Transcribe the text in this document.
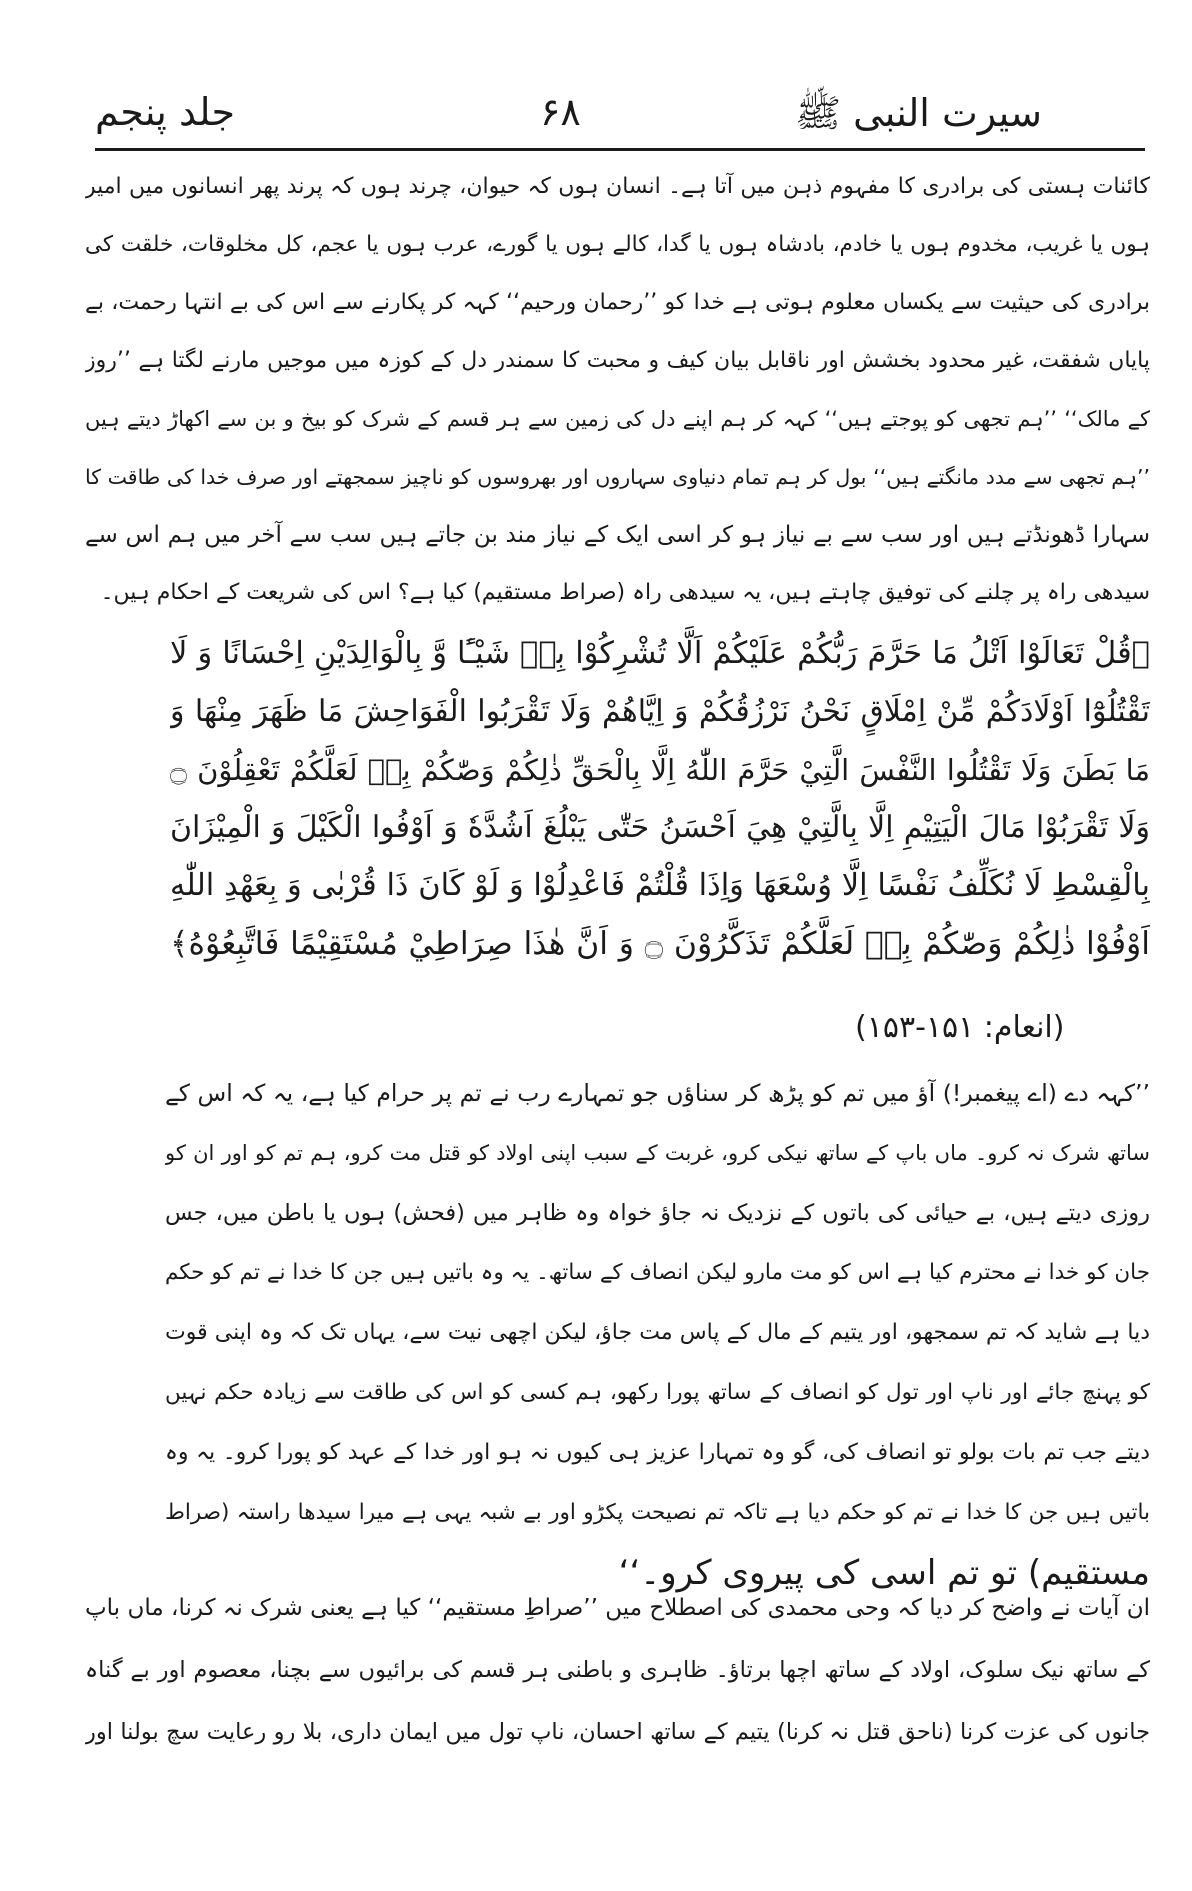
سیرت النبی ﷺ
۶۸
جلد پنجم
کائنات ہستی کی برادری کا مفہوم ذہن میں آتا ہے۔ انسان ہوں کہ حیوان، چرند ہوں کہ پرند پھر انسانوں میں امیر
ہوں یا غریب، مخدوم ہوں یا خادم، بادشاہ ہوں یا گدا، کالے ہوں یا گورے، عرب ہوں یا عجم، کل مخلوقات، خلقت کی
برادری کی حیثیت سے یکساں معلوم ہوتی ہے خدا کو ’’رحمان ورحیم‘‘ کہہ کر پکارنے سے اس کی بے انتہا رحمت، بے
پایاں شفقت، غیر محدود بخشش اور ناقابل بیان کیف و محبت کا سمندر دل کے کوزہ میں موجیں مارنے لگتا ہے ’’روز
کے مالک‘‘ ’’ہم تجھی کو پوجتے ہیں‘‘ کہہ کر ہم اپنے دل کی زمین سے ہر قسم کے شرک کو بیخ و بن سے اکھاڑ دیتے ہیں
’’ہم تجھی سے مدد مانگتے ہیں‘‘ بول کر ہم تمام دنیاوی سہاروں اور بھروسوں کو ناچیز سمجھتے اور صرف خدا کی طاقت کا
سہارا ڈھونڈتے ہیں اور سب سے بے نیاز ہو کر اسی ایک کے نیاز مند بن جاتے ہیں سب سے آخر میں ہم اس سے
سیدھی راہ پر چلنے کی توفیق چاہتے ہیں، یہ سیدھی راہ (صراط مستقیم) کیا ہے؟ اس کی شریعت کے احکام ہیں۔
﴿قُلْ تَعَالَوْا اَتْلُ مَا حَرَّمَ رَبُّكُمْ عَلَيْكُمْ اَلَّا تُشْرِكُوْا بِهٖ شَيْـًٔا وَّ بِالْوَالِدَيْنِ اِحْسَانًا وَ لَا
تَقْتُلُوْٓا اَوْلَادَكُمْ مِّنْ اِمْلَاقٍ نَحْنُ نَرْزُقُكُمْ وَ اِيَّاهُمْ وَلَا تَقْرَبُوا الْفَوَاحِشَ مَا ظَهَرَ مِنْهَا وَ
مَا بَطَنَ وَلَا تَقْتُلُوا النَّفْسَ الَّتِيْ حَرَّمَ اللّٰهُ اِلَّا بِالْحَقِّ ذٰلِكُمْ وَصّٰكُمْ بِهٖ لَعَلَّكُمْ تَعْقِلُوْنَ ۝
وَلَا تَقْرَبُوْا مَالَ الْيَتِيْمِ اِلَّا بِالَّتِيْ هِيَ اَحْسَنُ حَتّٰى يَبْلُغَ اَشُدَّهٗ وَ اَوْفُوا الْكَيْلَ وَ الْمِيْزَانَ
بِالْقِسْطِ لَا نُكَلِّفُ نَفْسًا اِلَّا وُسْعَهَا وَاِذَا قُلْتُمْ فَاعْدِلُوْا وَ لَوْ كَانَ ذَا قُرْبٰى وَ بِعَهْدِ اللّٰهِ
اَوْفُوْا ذٰلِكُمْ وَصّٰكُمْ بِهٖ لَعَلَّكُمْ تَذَكَّرُوْنَ ۝ وَ اَنَّ هٰذَا صِرَاطِيْ مُسْتَقِيْمًا فَاتَّبِعُوْهُ﴾
(انعام: ۱۵۱-۱۵۳)
’’کہہ دے (اے پیغمبر!) آؤ میں تم کو پڑھ کر سناؤں جو تمہارے رب نے تم پر حرام کیا ہے، یہ کہ اس کے
ساتھ شرک نہ کرو۔ ماں باپ کے ساتھ نیکی کرو، غربت کے سبب اپنی اولاد کو قتل مت کرو، ہم تم کو اور ان کو
روزی دیتے ہیں، بے حیائی کی باتوں کے نزدیک نہ جاؤ خواہ وہ ظاہر میں (فحش) ہوں یا باطن میں، جس
جان کو خدا نے محترم کیا ہے اس کو مت مارو لیکن انصاف کے ساتھ۔ یہ وہ باتیں ہیں جن کا خدا نے تم کو حکم
دیا ہے شاید کہ تم سمجھو، اور یتیم کے مال کے پاس مت جاؤ، لیکن اچھی نیت سے، یہاں تک کہ وہ اپنی قوت
کو پہنچ جائے اور ناپ اور تول کو انصاف کے ساتھ پورا رکھو، ہم کسی کو اس کی طاقت سے زیادہ حکم نہیں
دیتے جب تم بات بولو تو انصاف کی، گو وہ تمہارا عزیز ہی کیوں نہ ہو اور خدا کے عہد کو پورا کرو۔ یہ وہ
باتیں ہیں جن کا خدا نے تم کو حکم دیا ہے تاکہ تم نصیحت پکڑو اور بے شبہ یہی ہے میرا سیدھا راستہ (صراط
مستقیم) تو تم اسی کی پیروی کرو۔‘‘
ان آیات نے واضح کر دیا کہ وحی محمدی کی اصطلاح میں ’’صراطِ مستقیم‘‘ کیا ہے یعنی شرک نہ کرنا، ماں باپ
کے ساتھ نیک سلوک، اولاد کے ساتھ اچھا برتاؤ۔ ظاہری و باطنی ہر قسم کی برائیوں سے بچنا، معصوم اور بے گناہ
جانوں کی عزت کرنا (ناحق قتل نہ کرنا) یتیم کے ساتھ احسان، ناپ تول میں ایمان داری، بلا رو رعایت سچ بولنا اور
